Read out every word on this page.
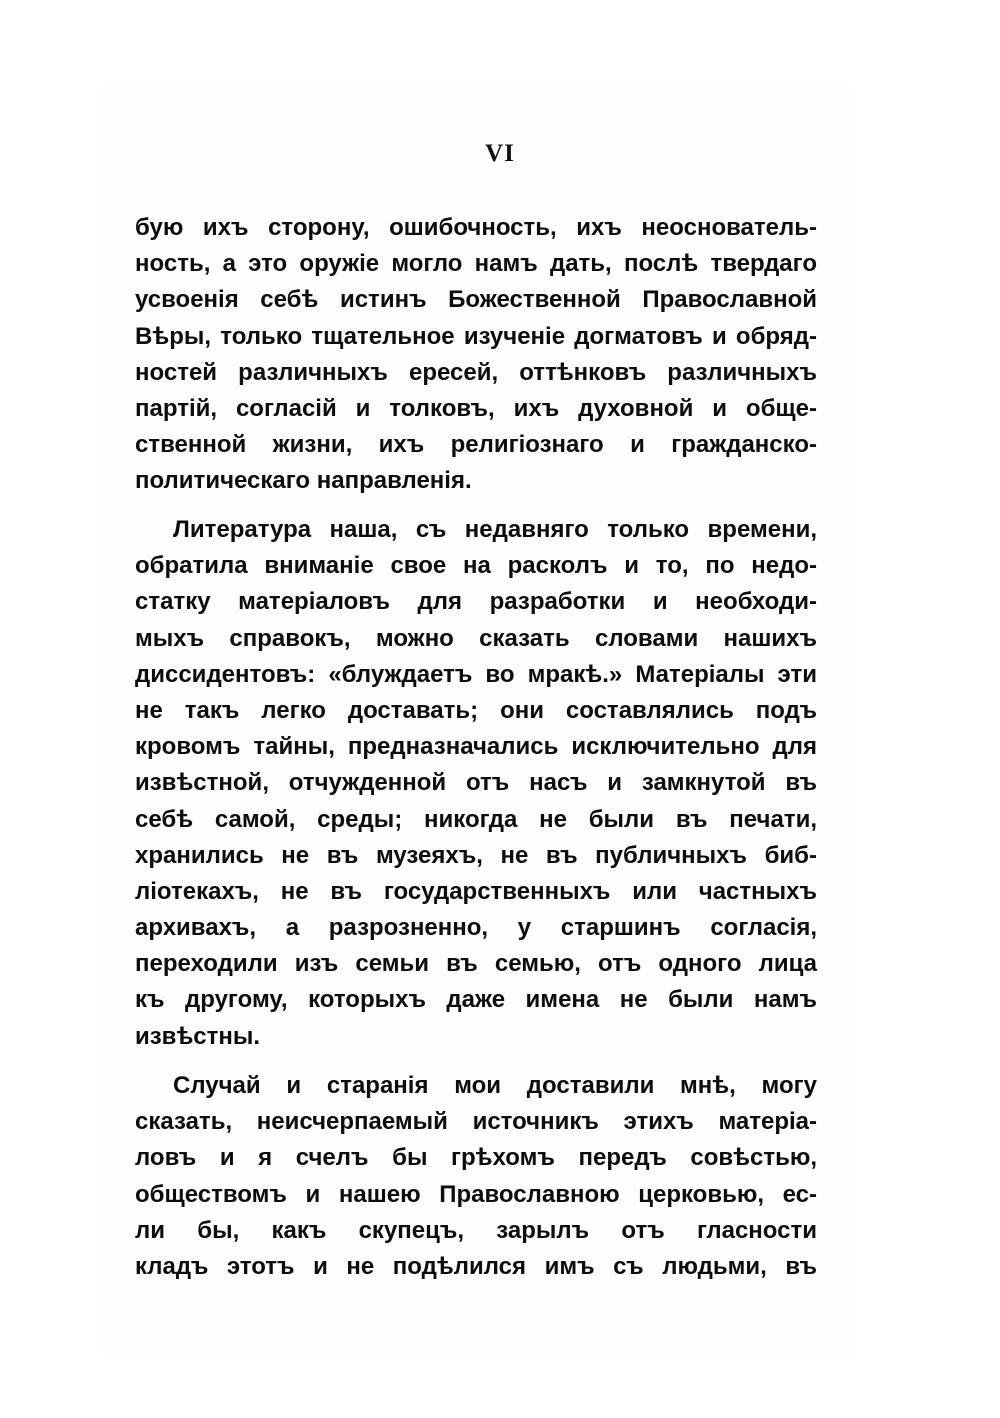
VI
бую ихъ сторону, ошибочность, ихъ неоснователь-
ность, а это оружіе могло намъ дать, послѣ твердаго
усвоенія себѣ истинъ Божественной Православной
Вѣры, только тщательное изученіе догматовъ и обряд-
ностей различныхъ ересей, оттѣнковъ различныхъ
партій, согласій и толковъ, ихъ духовной и обще-
ственной жизни, ихъ религіознаго и гражданско-
политическаго направленія.
Литература наша, съ недавняго только времени,
обратила вниманіе свое на расколъ и то, по недо-
статку матеріаловъ для разработки и необходи-
мыхъ справокъ, можно сказать словами нашихъ
диссидентовъ: «блуждаетъ во мракѣ.» Матеріалы эти
не такъ легко доставать; они составлялись подъ
кровомъ тайны, предназначались исключительно для
извѣстной, отчужденной отъ насъ и замкнутой въ
себѣ самой, среды; никогда не были въ печати,
хранились не въ музеяхъ, не въ публичныхъ биб-
ліотекахъ, не въ государственныхъ или частныхъ
архивахъ, а разрозненно, у старшинъ согласія,
переходили изъ семьи въ семью, отъ одного лица
къ другому, которыхъ даже имена не были намъ
извѣстны.
Случай и старанія мои доставили мнѣ, могу
сказать, неисчерпаемый источникъ этихъ матеріа-
ловъ и я счелъ бы грѣхомъ передъ совѣстью,
обществомъ и нашею Православною церковью, ес-
ли бы, какъ скупецъ, зарылъ отъ гласности
кладъ этотъ и не подѣлился имъ съ людьми, въ
